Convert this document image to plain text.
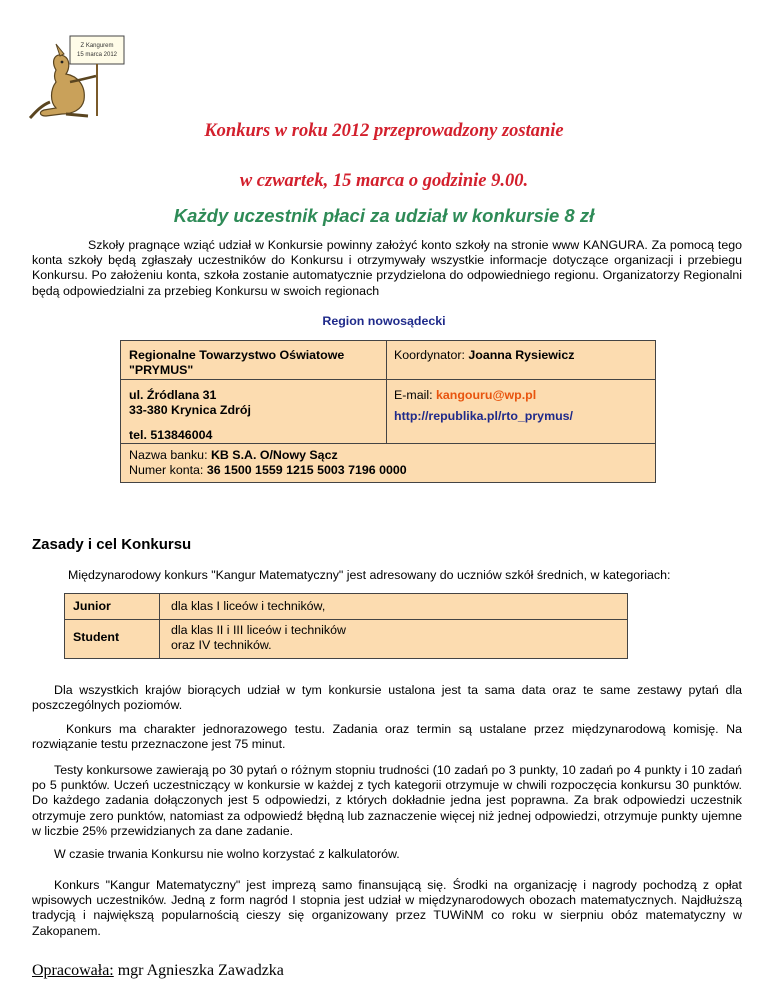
Z Kangurem
15 marca 2012
Konkurs w roku 2012 przeprowadzony zostanie
w czwartek, 15 marca o godzinie 9.00.
Każdy uczestnik płaci za udział w konkursie 8 zł
Szkoły pragnące wziąć udział w Konkursie powinny założyć konto szkoły na stronie www KANGURA. Za pomocą tego konta szkoły będą zgłaszały uczestników do Konkursu i otrzymywały wszystkie informacje dotyczące organizacji i przebiegu Konkursu. Po założeniu konta, szkoła zostanie automatycznie przydzielona do odpowiedniego regionu. Organizatorzy Regionalni będą odpowiedzialni za przebieg Konkursu w swoich regionach
Region nowosądecki
Regionalne Towarzystwo Oświatowe
"PRYMUS"
Koordynator: Joanna Rysiewicz
ul. Źródlana 31
33-380 Krynica Zdrój
tel. 513846004
E-mail: kangouru@wp.pl
http://republika.pl/rto_prymus/
Nazwa banku: KB S.A. O/Nowy Sącz
Numer konta: 36 1500 1559 1215 5003 7196 0000
Zasady i cel Konkursu
Międzynarodowy konkurs "Kangur Matematyczny" jest adresowany do uczniów szkół średnich, w kategoriach:
Junior	dla klas I liceów i techników,
Student	dla klas II i III liceów i techników
oraz IV techników.
Dla wszystkich krajów biorących udział w tym konkursie ustalona jest ta sama data oraz te same zestawy pytań dla poszczególnych poziomów.
Konkurs ma charakter jednorazowego testu. Zadania oraz termin są ustalane przez międzynarodową komisję. Na rozwiązanie testu przeznaczone jest 75 minut.
Testy konkursowe zawierają po 30 pytań o różnym stopniu trudności (10 zadań po 3 punkty, 10 zadań po 4 punkty i 10 zadań po 5 punktów. Uczeń uczestniczący w konkursie w każdej z tych kategorii otrzymuje w chwili rozpoczęcia konkursu 30 punktów. Do każdego zadania dołączonych jest 5 odpowiedzi, z których dokładnie jedna jest poprawna. Za brak odpowiedzi uczestnik otrzymuje zero punktów, natomiast za odpowiedź błędną lub zaznaczenie więcej niż jednej odpowiedzi, otrzymuje punkty ujemne w liczbie 25% przewidzianych za dane zadanie.
W czasie trwania Konkursu nie wolno korzystać z kalkulatorów.
Konkurs "Kangur Matematyczny" jest imprezą samo finansującą się. Środki na organizację i nagrody pochodzą z opłat wpisowych uczestników. Jedną z form nagród I stopnia jest udział w międzynarodowych obozach matematycznych. Najdłuższą tradycją i największą popularnością cieszy się organizowany przez TUWiNM co roku w sierpniu obóz matematyczny w Zakopanem.
Opracowała: mgr Agnieszka Zawadzka
